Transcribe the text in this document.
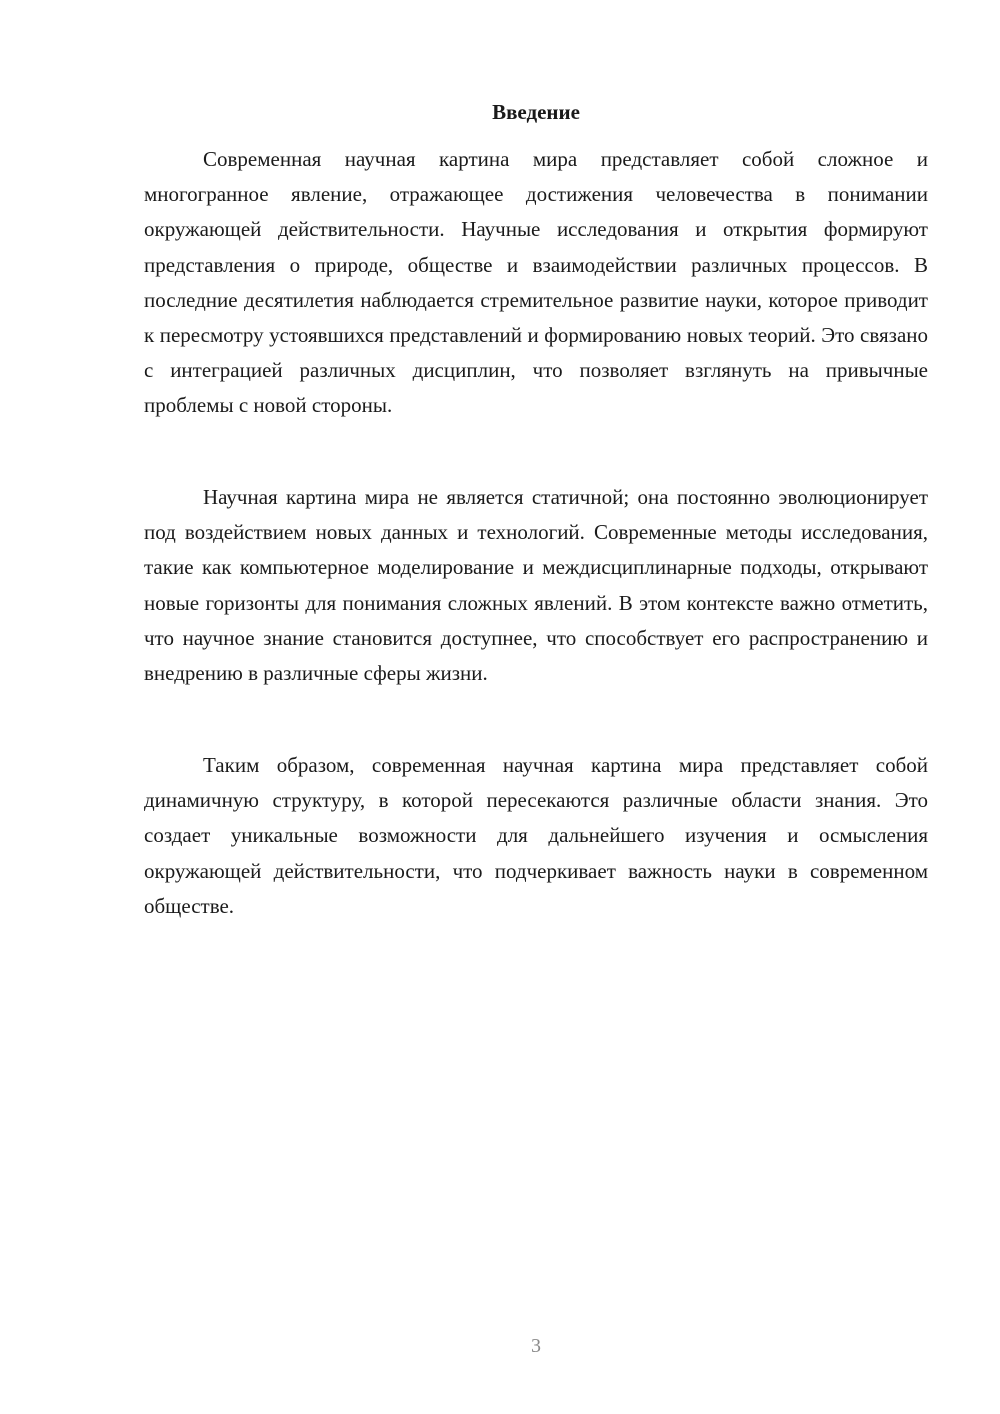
Введение

Современная научная картина мира представляет собой сложное и многогранное явление, отражающее достижения человечества в понимании окружающей действительности. Научные исследования и открытия формируют представления о природе, обществе и взаимодействии различных процессов. В последние десятилетия наблюдается стремительное развитие науки, которое приводит к пересмотру устоявшихся представлений и формированию новых теорий. Это связано с интеграцией различных дисциплин, что позволяет взглянуть на привычные проблемы с новой стороны.

Научная картина мира не является статичной; она постоянно эволюционирует под воздействием новых данных и технологий. Современные методы исследования, такие как компьютерное моделирование и междисциплинарные подходы, открывают новые горизонты для понимания сложных явлений. В этом контексте важно отметить, что научное знание становится доступнее, что способствует его распространению и внедрению в различные сферы жизни.

Таким образом, современная научная картина мира представляет собой динамичную структуру, в которой пересекаются различные области знания. Это создает уникальные возможности для дальнейшего изучения и осмысления окружающей действительности, что подчеркивает важность науки в современном обществе.

3
